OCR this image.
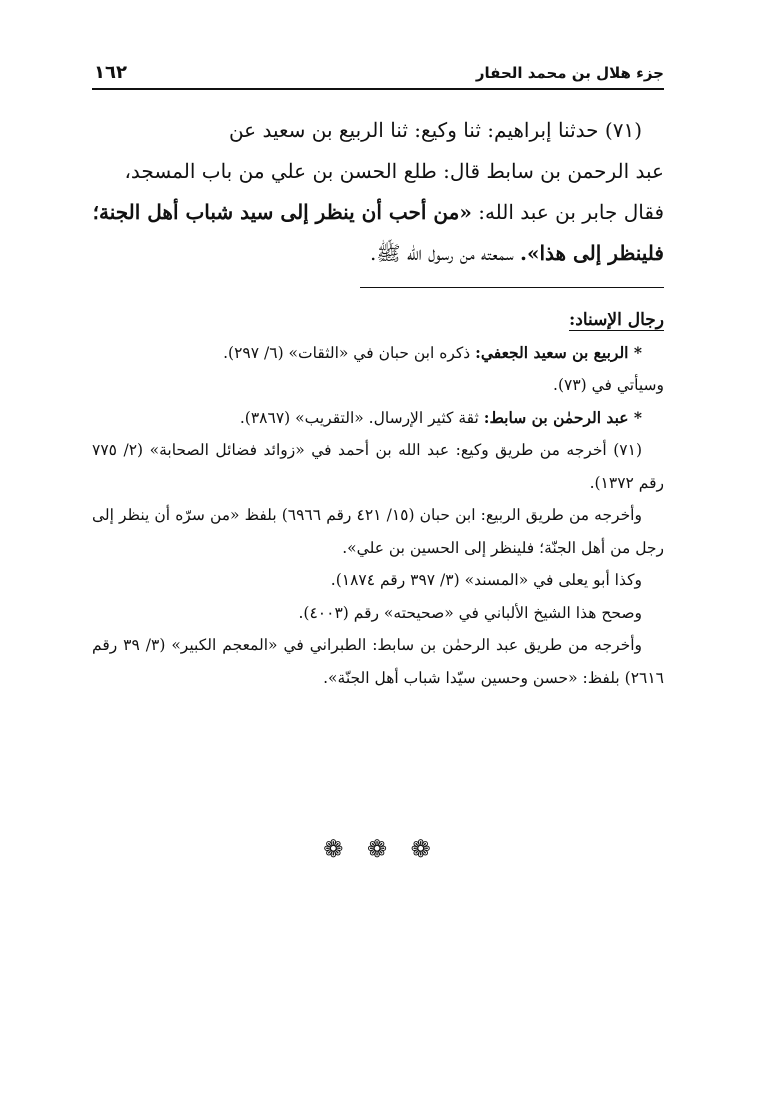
جزء هلال بن محمد الحفار
١٦٢

(٧١) حدثنا إبراهيم: ثنا وكيع: ثنا الربيع بن سعيد عن

عبد الرحمن بن سابط قال: طلع الحسن بن علي من باب المسجد،

فقال جابر بن عبد الله: «من أحب أن ينظر إلى سيد شباب أهل الجنة؛

فلينظر إلى هذا». سمعته من رسول الله ﷺ.

رجال الإسناد:

* الربيع بن سعيد الجعفي: ذكره ابن حبان في «الثقات» (٦/ ٢٩٧).

وسيأتي في (٧٣).

* عبد الرحمٰن بن سابط: ثقة كثير الإرسال. «التقريب» (٣٨٦٧).

(٧١) أخرجه من طريق وكيع: عبد الله بن أحمد في «زوائد فضائل الصحابة» (٢/ ٧٧٥ رقم ١٣٧٢).

وأخرجه من طريق الربيع: ابن حبان (١٥/ ٤٢١ رقم ٦٩٦٦) بلفظ «من سرّه أن ينظر إلى رجل من أهل الجنّة؛ فلينظر إلى الحسين بن علي».

وكذا أبو يعلى في «المسند» (٣/ ٣٩٧ رقم ١٨٧٤).

وصحح هذا الشيخ الألباني في «صحيحته» رقم (٤٠٠٣).

وأخرجه من طريق عبد الرحمٰن بن سابط: الطبراني في «المعجم الكبير» (٣/ ٣٩ رقم ٢٦١٦) بلفظ: «حسن وحسين سيّدا شباب أهل الجنّة».

❁ ❁ ❁
